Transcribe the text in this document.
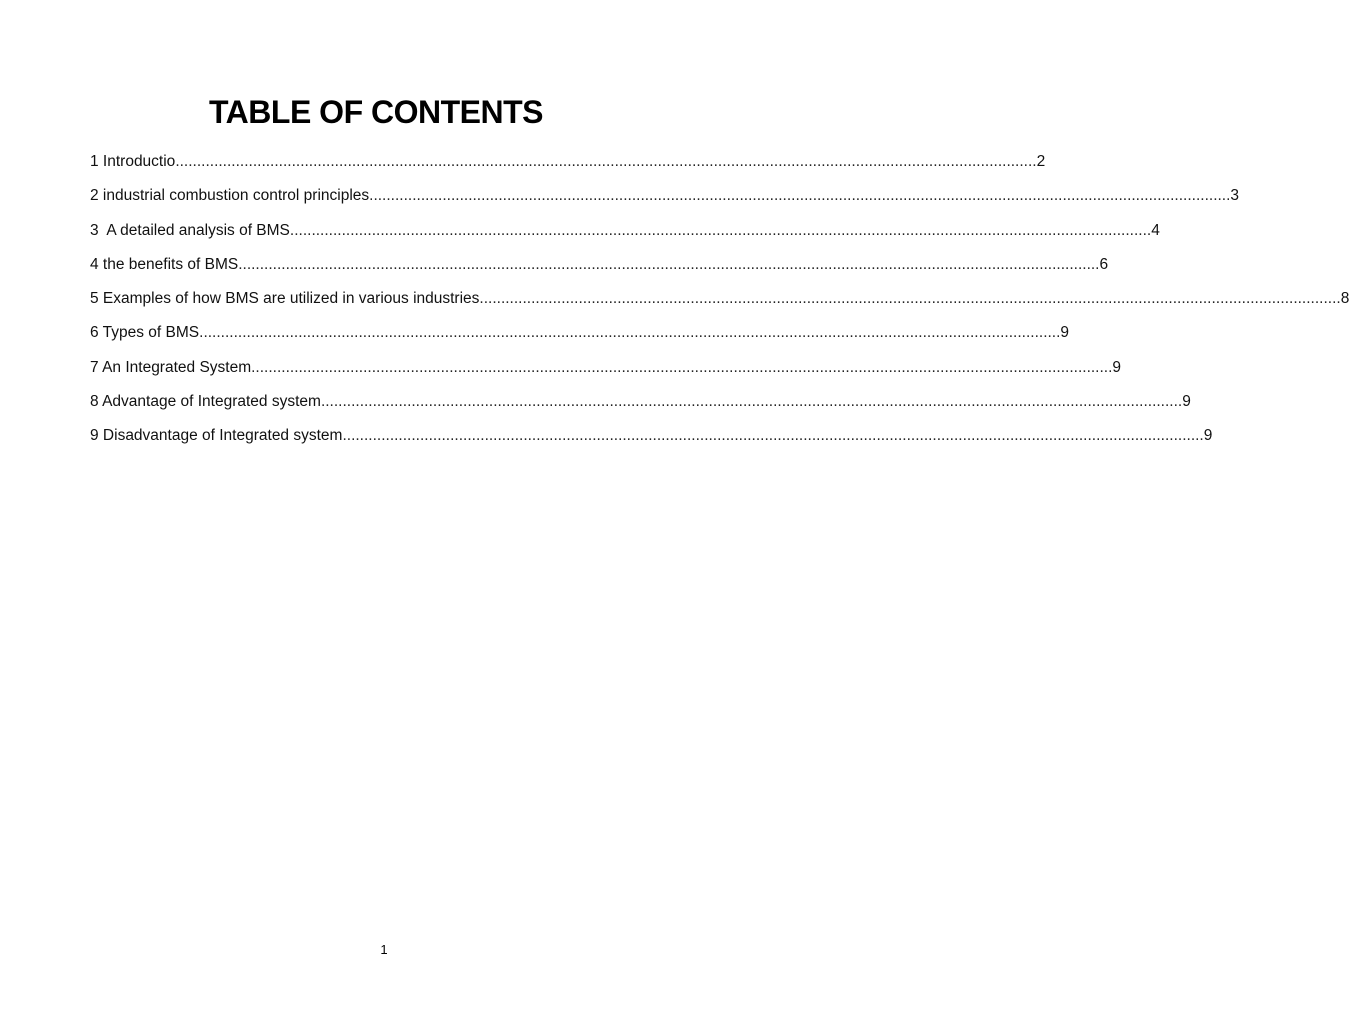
TABLE OF CONTENTS
1 Introductio ........................................................................................................................................................................................................ 2
2 industrial combustion control principles ........................................................................................................................................................................................................ 3
3  A detailed analysis of BMS ........................................................................................................................................................................................................ 4
4 the benefits of BMS ........................................................................................................................................................................................................ 6
5 Examples of how BMS are utilized in various industries ........................................................................................................................................................................................................ 8
6 Types of BMS ........................................................................................................................................................................................................ 9
7 An Integrated System ........................................................................................................................................................................................................ 9
8 Advantage of Integrated system ........................................................................................................................................................................................................ 9
9 Disadvantage of Integrated system ........................................................................................................................................................................................................ 9
1
